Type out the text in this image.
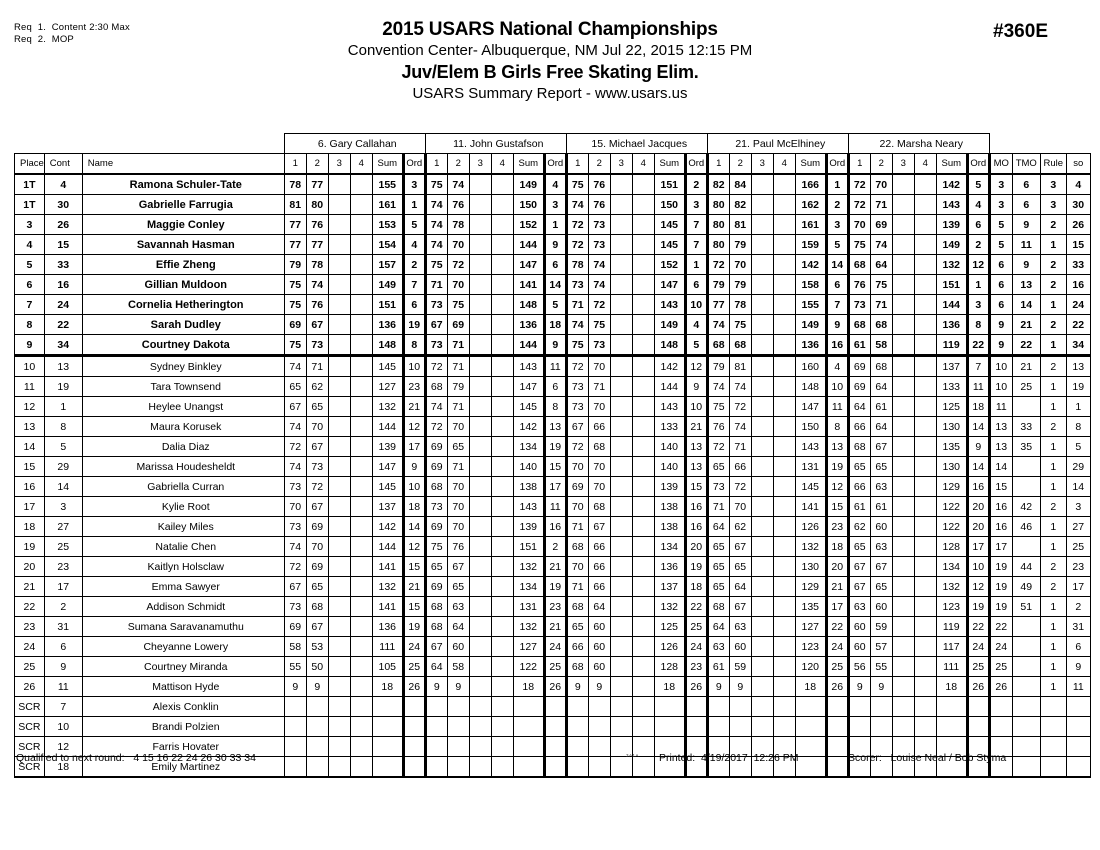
Req  1.  Content 2:30 Max
Req  2.  MOP	2015 USARS National Championships
Convention Center- Albuquerque, NM Jul 22, 2015 12:15 PM
Juv/Elem B Girls Free Skating Elim.
USARS Summary Report - www.usars.us
#360E
			6. Gary Callahan						11. John Gustafson						15. Michael Jacques						21. Paul McElhiney						22. Marsha Neary									
Place	Cont	Name	1	2	3	4	Sum	Ord	1	2	3	4	Sum	Ord	1	2	3	4	Sum	Ord	1	2	3	4	Sum	Ord	1	2	3	4	Sum	Ord	MO	TMO	Rule	so
1T	4	Ramona Schuler-Tate	78	77			155	3	75	74			149	4	75	76			151	2	82	84			166	1	72	70			142	5	3	6	3	4
1T	30	Gabrielle Farrugia	81	80			161	1	74	76			150	3	74	76			150	3	80	82			162	2	72	71			143	4	3	6	3	30
3	26	Maggie Conley	77	76			153	5	74	78			152	1	72	73			145	7	80	81			161	3	70	69			139	6	5	9	2	26
4	15	Savannah Hasman	77	77			154	4	74	70			144	9	72	73			145	7	80	79			159	5	75	74			149	2	5	11	1	15
5	33	Effie Zheng	79	78			157	2	75	72			147	6	78	74			152	1	72	70			142	14	68	64			132	12	6	9	2	33
6	16	Gillian Muldoon	75	74			149	7	71	70			141	14	73	74			147	6	79	79			158	6	76	75			151	1	6	13	2	16
7	24	Cornelia Hetherington	75	76			151	6	73	75			148	5	71	72			143	10	77	78			155	7	73	71			144	3	6	14	1	24
8	22	Sarah Dudley	69	67			136	19	67	69			136	18	74	75			149	4	74	75			149	9	68	68			136	8	9	21	2	22
9	34	Courtney Dakota	75	73			148	8	73	71			144	9	75	73			148	5	68	68			136	16	61	58			119	22	9	22	1	34
10	13	Sydney Binkley	74	71			145	10	72	71			143	11	72	70			142	12	79	81			160	4	69	68			137	7	10	21	2	13
11	19	Tara Townsend	65	62			127	23	68	79			147	6	73	71			144	9	74	74			148	10	69	64			133	11	10	25	1	19
12	1	Heylee Unangst	67	65			132	21	74	71			145	8	73	70			143	10	75	72			147	11	64	61			125	18	11		1	1
13	8	Maura Korusek	74	70			144	12	72	70			142	13	67	66			133	21	76	74			150	8	66	64			130	14	13	33	2	8
14	5	Dalia Diaz	72	67			139	17	69	65			134	19	72	68			140	13	72	71			143	13	68	67			135	9	13	35	1	5
15	29	Marissa Houdesheldt	74	73			147	9	69	71			140	15	70	70			140	13	65	66			131	19	65	65			130	14	14		1	29
16	14	Gabriella Curran	73	72			145	10	68	70			138	17	69	70			139	15	73	72			145	12	66	63			129	16	15		1	14
17	3	Kylie Root	70	67			137	18	73	70			143	11	70	68			138	16	71	70			141	15	61	61			122	20	16	42	2	3
18	27	Kailey Miles	73	69			142	14	69	70			139	16	71	67			138	16	64	62			126	23	62	60			122	20	16	46	1	27
19	25	Natalie Chen	74	70			144	12	75	76			151	2	68	66			134	20	65	67			132	18	65	63			128	17	17		1	25
20	23	Kaitlyn Holsclaw	72	69			141	15	65	67			132	21	70	66			136	19	65	65			130	20	67	67			134	10	19	44	2	23
21	17	Emma Sawyer	67	65			132	21	69	65			134	19	71	66			137	18	65	64			129	21	67	65			132	12	19	49	2	17
22	2	Addison Schmidt	73	68			141	15	68	63			131	23	68	64			132	22	68	67			135	17	63	60			123	19	19	51	1	2
23	31	Sumana Saravanamuthu	69	67			136	19	68	64			132	21	65	60			125	25	64	63			127	22	60	59			119	22	22		1	31
24	6	Cheyanne Lowery	58	53			111	24	67	60			127	24	66	60			126	24	63	60			123	24	60	57			117	24	24		1	6
25	9	Courtney Miranda	55	50			105	25	64	58			122	25	68	60			128	23	61	59			120	25	56	55			111	25	25		1	9
26	11	Mattison Hyde	9	9			18	26	9	9			18	26	9	9			18	26	9	9			18	26	9	9			18	26	26		1	11
SCR	7	Alexis Conklin																																		
SCR	10	Brandi Polzien																																		
SCR	12	Farris Hovater																																		
SCR	18	Emily Martinez																																		
Qualified to next round:   4 15 16 22 24 26 30 33 34	3A1A Printed:  4/19/2017  12:26 PM	Scorer:   Louise Neal / Bob Styma
